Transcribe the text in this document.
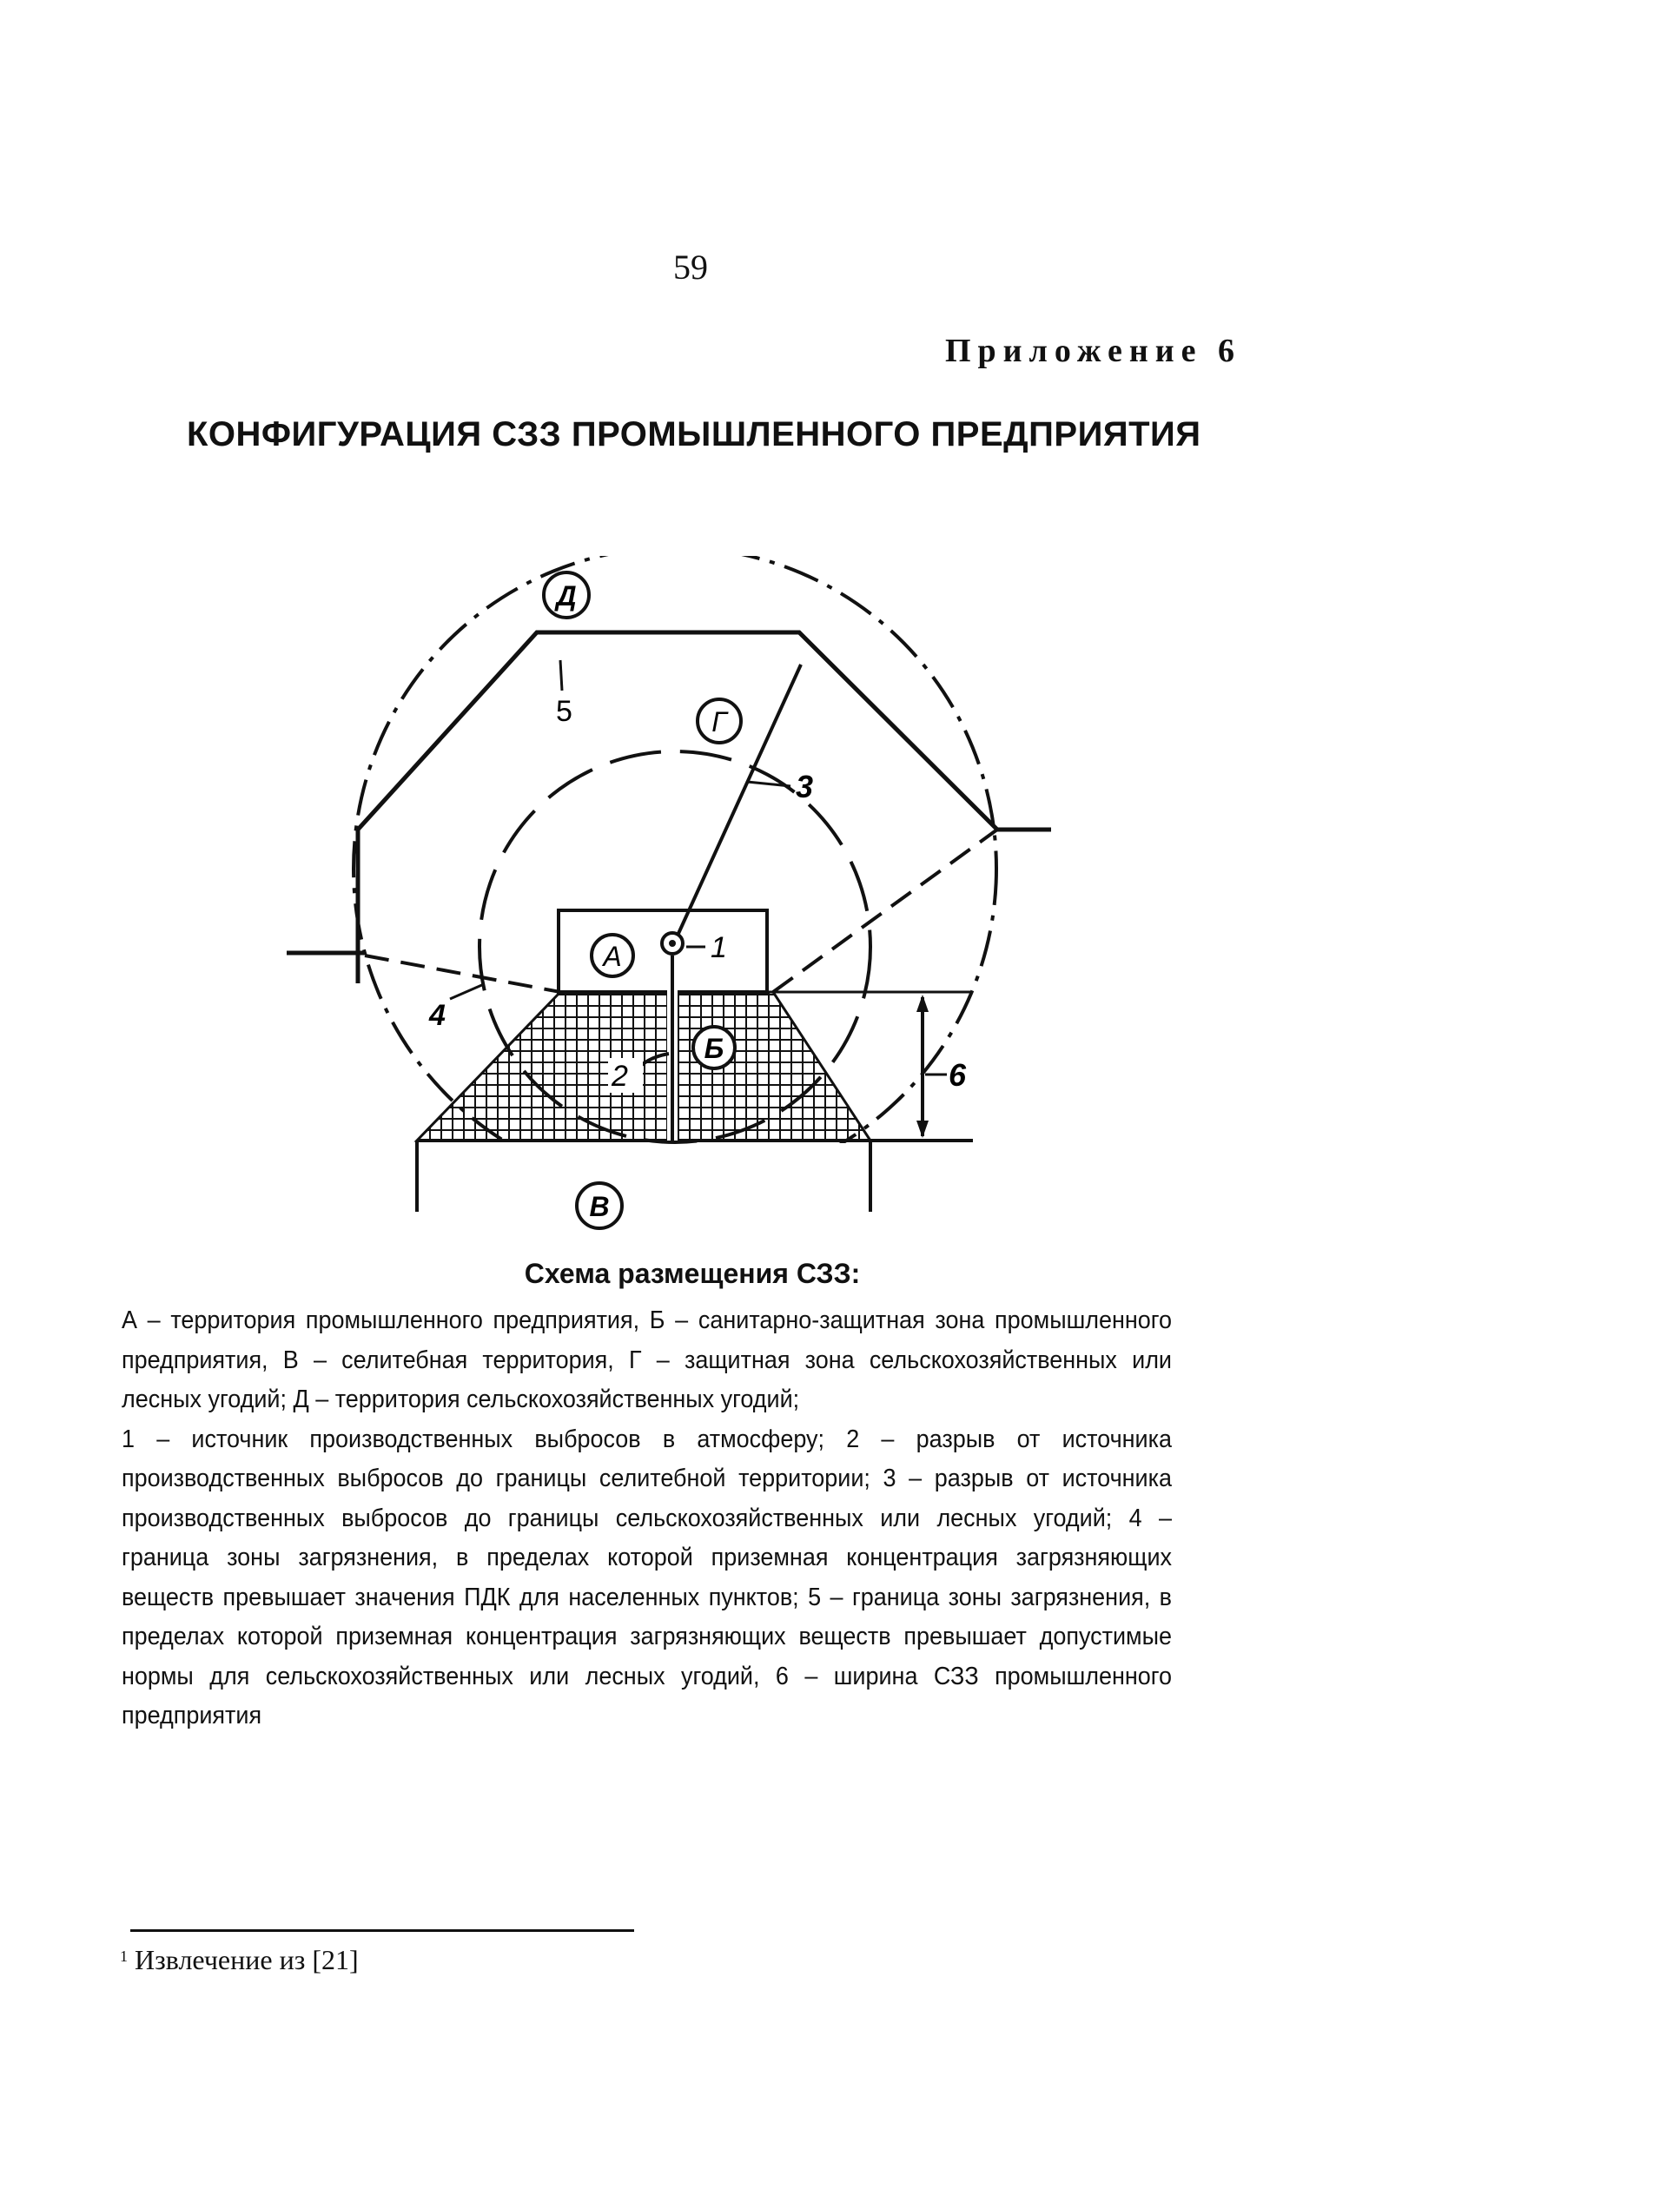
59
Приложение 6
КОНФИГУРАЦИЯ СЗЗ ПРОМЫШЛЕННОГО ПРЕДПРИЯТИЯ
Д
Г
А
Б
В
1
2
3
4
5
6
Схема размещения СЗЗ:

А – территория промышленного предприятия, Б – санитарно-защитная зона промышленного предприятия, В – селитебная территория, Г – защитная зона сельскохозяйственных или лесных угодий; Д – территория сельскохозяйственных угодий;

1 – источник производственных выбросов в атмосферу; 2 – разрыв от источника производственных выбросов до границы селитебной территории; 3 – разрыв от источника производственных выбросов до границы сельскохозяйственных или лесных угодий; 4 – граница зоны загрязнения, в пределах которой приземная концентрация загрязняющих веществ превышает значения ПДК для населенных пунктов; 5 – граница зоны загрязнения, в пределах которой приземная концентрация загрязняющих веществ превышает допустимые нормы для сельскохозяйственных или лесных угодий, 6 – ширина СЗЗ промышленного предприятия

$^1$ Извлечение из [21]
